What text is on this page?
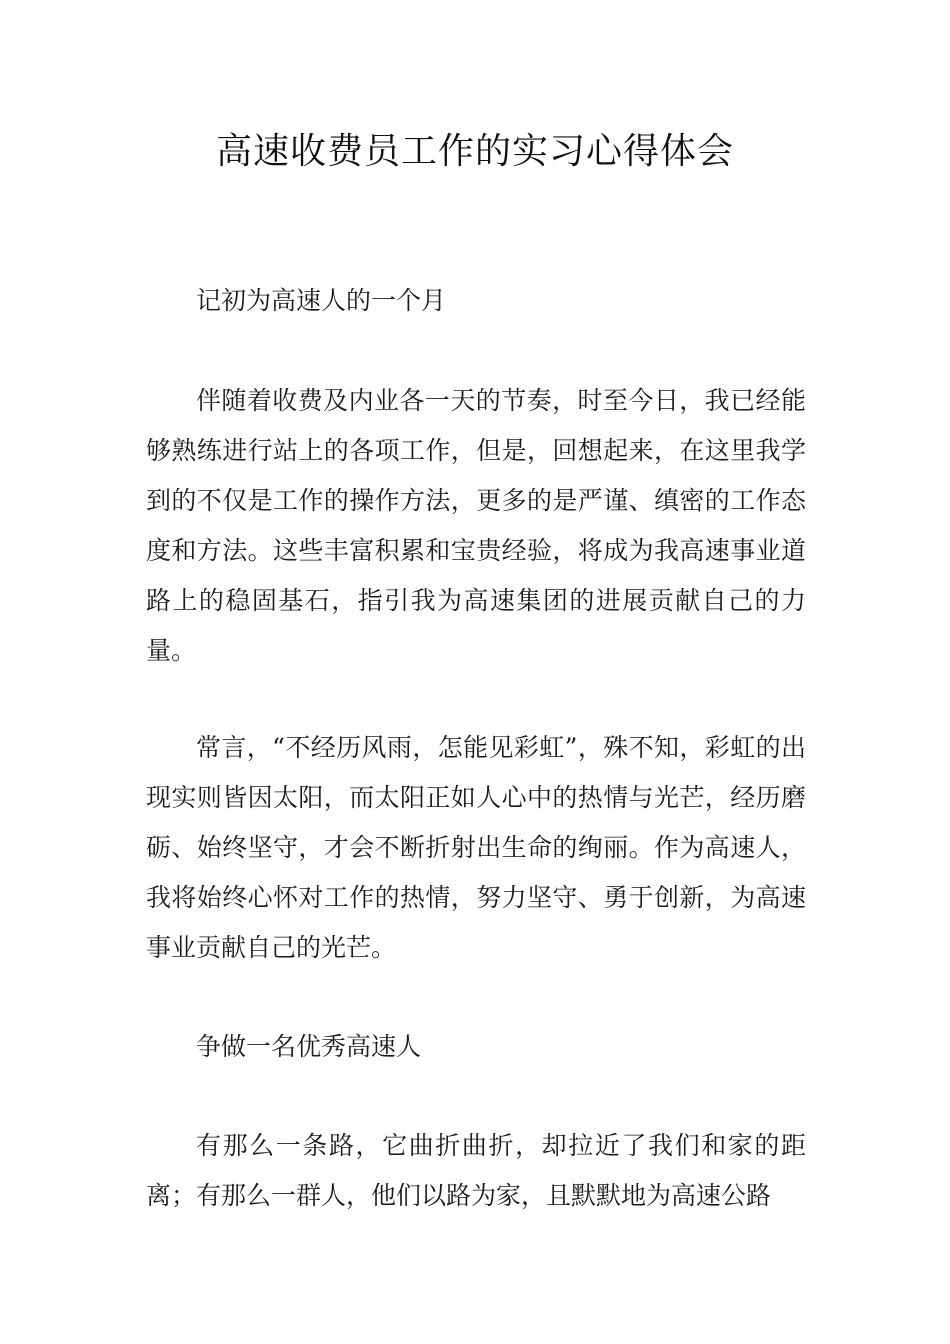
高速收费员工作的实习心得体会

记初为高速人的一个月

伴随着收费及内业各一天的节奏，时至今日，我已经能够熟练进行站上的各项工作，但是，回想起来，在这里我学到的不仅是工作的操作方法，更多的是严谨、缜密的工作态度和方法。这些丰富积累和宝贵经验，将成为我高速事业道路上的稳固基石，指引我为高速集团的进展贡献自己的力量。

常言，“不经历风雨，怎能见彩虹”，殊不知，彩虹的出现实则皆因太阳，而太阳正如人心中的热情与光芒，经历磨砺、始终坚守，才会不断折射出生命的绚丽。作为高速人，我将始终心怀对工作的热情，努力坚守、勇于创新，为高速事业贡献自己的光芒。

争做一名优秀高速人

有那么一条路，它曲折曲折，却拉近了我们和家的距离；有那么一群人，他们以路为家，且默默地为高速公路
